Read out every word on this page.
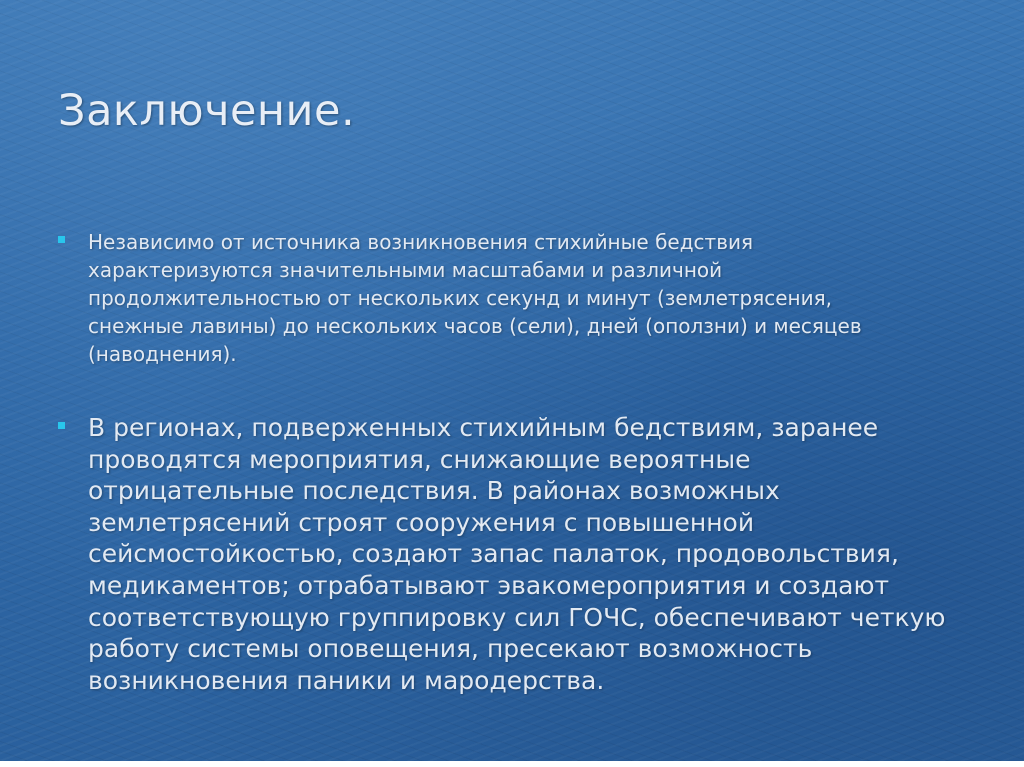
Заключение.
Независимо от источника возникновения стихийные бедствия характеризуются значительными масштабами и различной продолжительностью от нескольких секунд и минут (землетрясения, снежные лавины) до нескольких часов (сели), дней (оползни) и месяцев (наводнения).
В регионах, подверженных стихийным бедствиям, заранее проводятся мероприятия, снижающие вероятные отрицательные последствия. В районах возможных землетрясений строят сооружения с повышенной сейсмостойкостью, создают запас палаток, продовольствия, медикаментов; отрабатывают эвакомероприятия и создают соответствующую группировку сил ГОЧС, обеспечивают четкую работу системы оповещения, пресекают возможность возникновения паники и мародерства.
